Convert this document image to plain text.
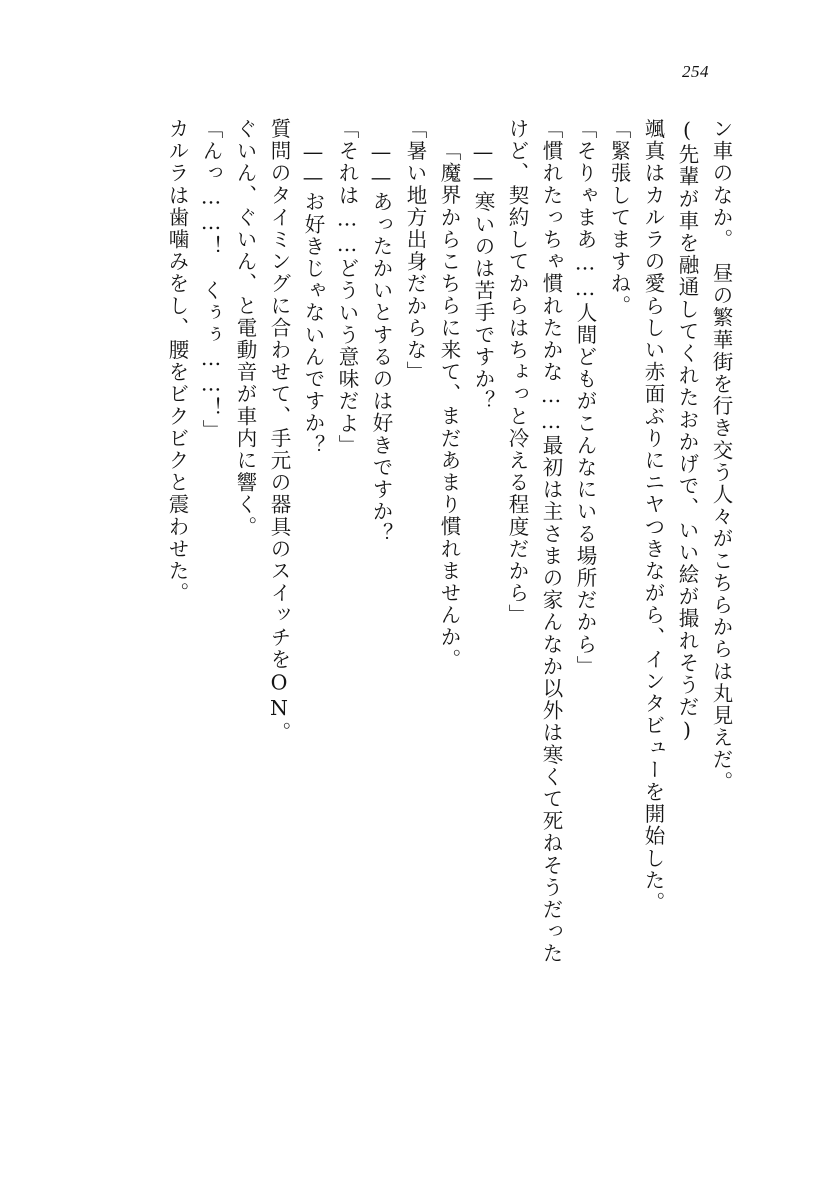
254
ン車のなか。　昼の繁華街を行き交う人々がこちらからは丸見えだ。
(先輩が車を融通してくれたおかげで、いい絵が撮れそうだ)
颯真はカルラの愛らしい赤面ぶりにニヤつきながら、インタビューを開始した。
「緊張してますね。
「そりゃまあ……人間どもがこんなにいる場所だから」
「慣れたっちゃ慣れたかな……最初は主さまの家んなか以外は寒くて死ねそうだった
けど、契約してからはちょっと冷える程度だから」
——寒いのは苦手ですか？
「魔界からこちらに来て、まだあまり慣れませんか。
「暑い地方出身だからな」
——あったかいとするのは好きですか？
「それは……どういう意味だよ」
——お好きじゃないんですか？
質問のタイミングに合わせて、手元の器具のスイッチをON。
ぐいん、ぐいん、と電動音が車内に響く。
「んっ……！　くぅぅ……！」
カルラは歯噛みをし、腰をビクビクと震わせた。
